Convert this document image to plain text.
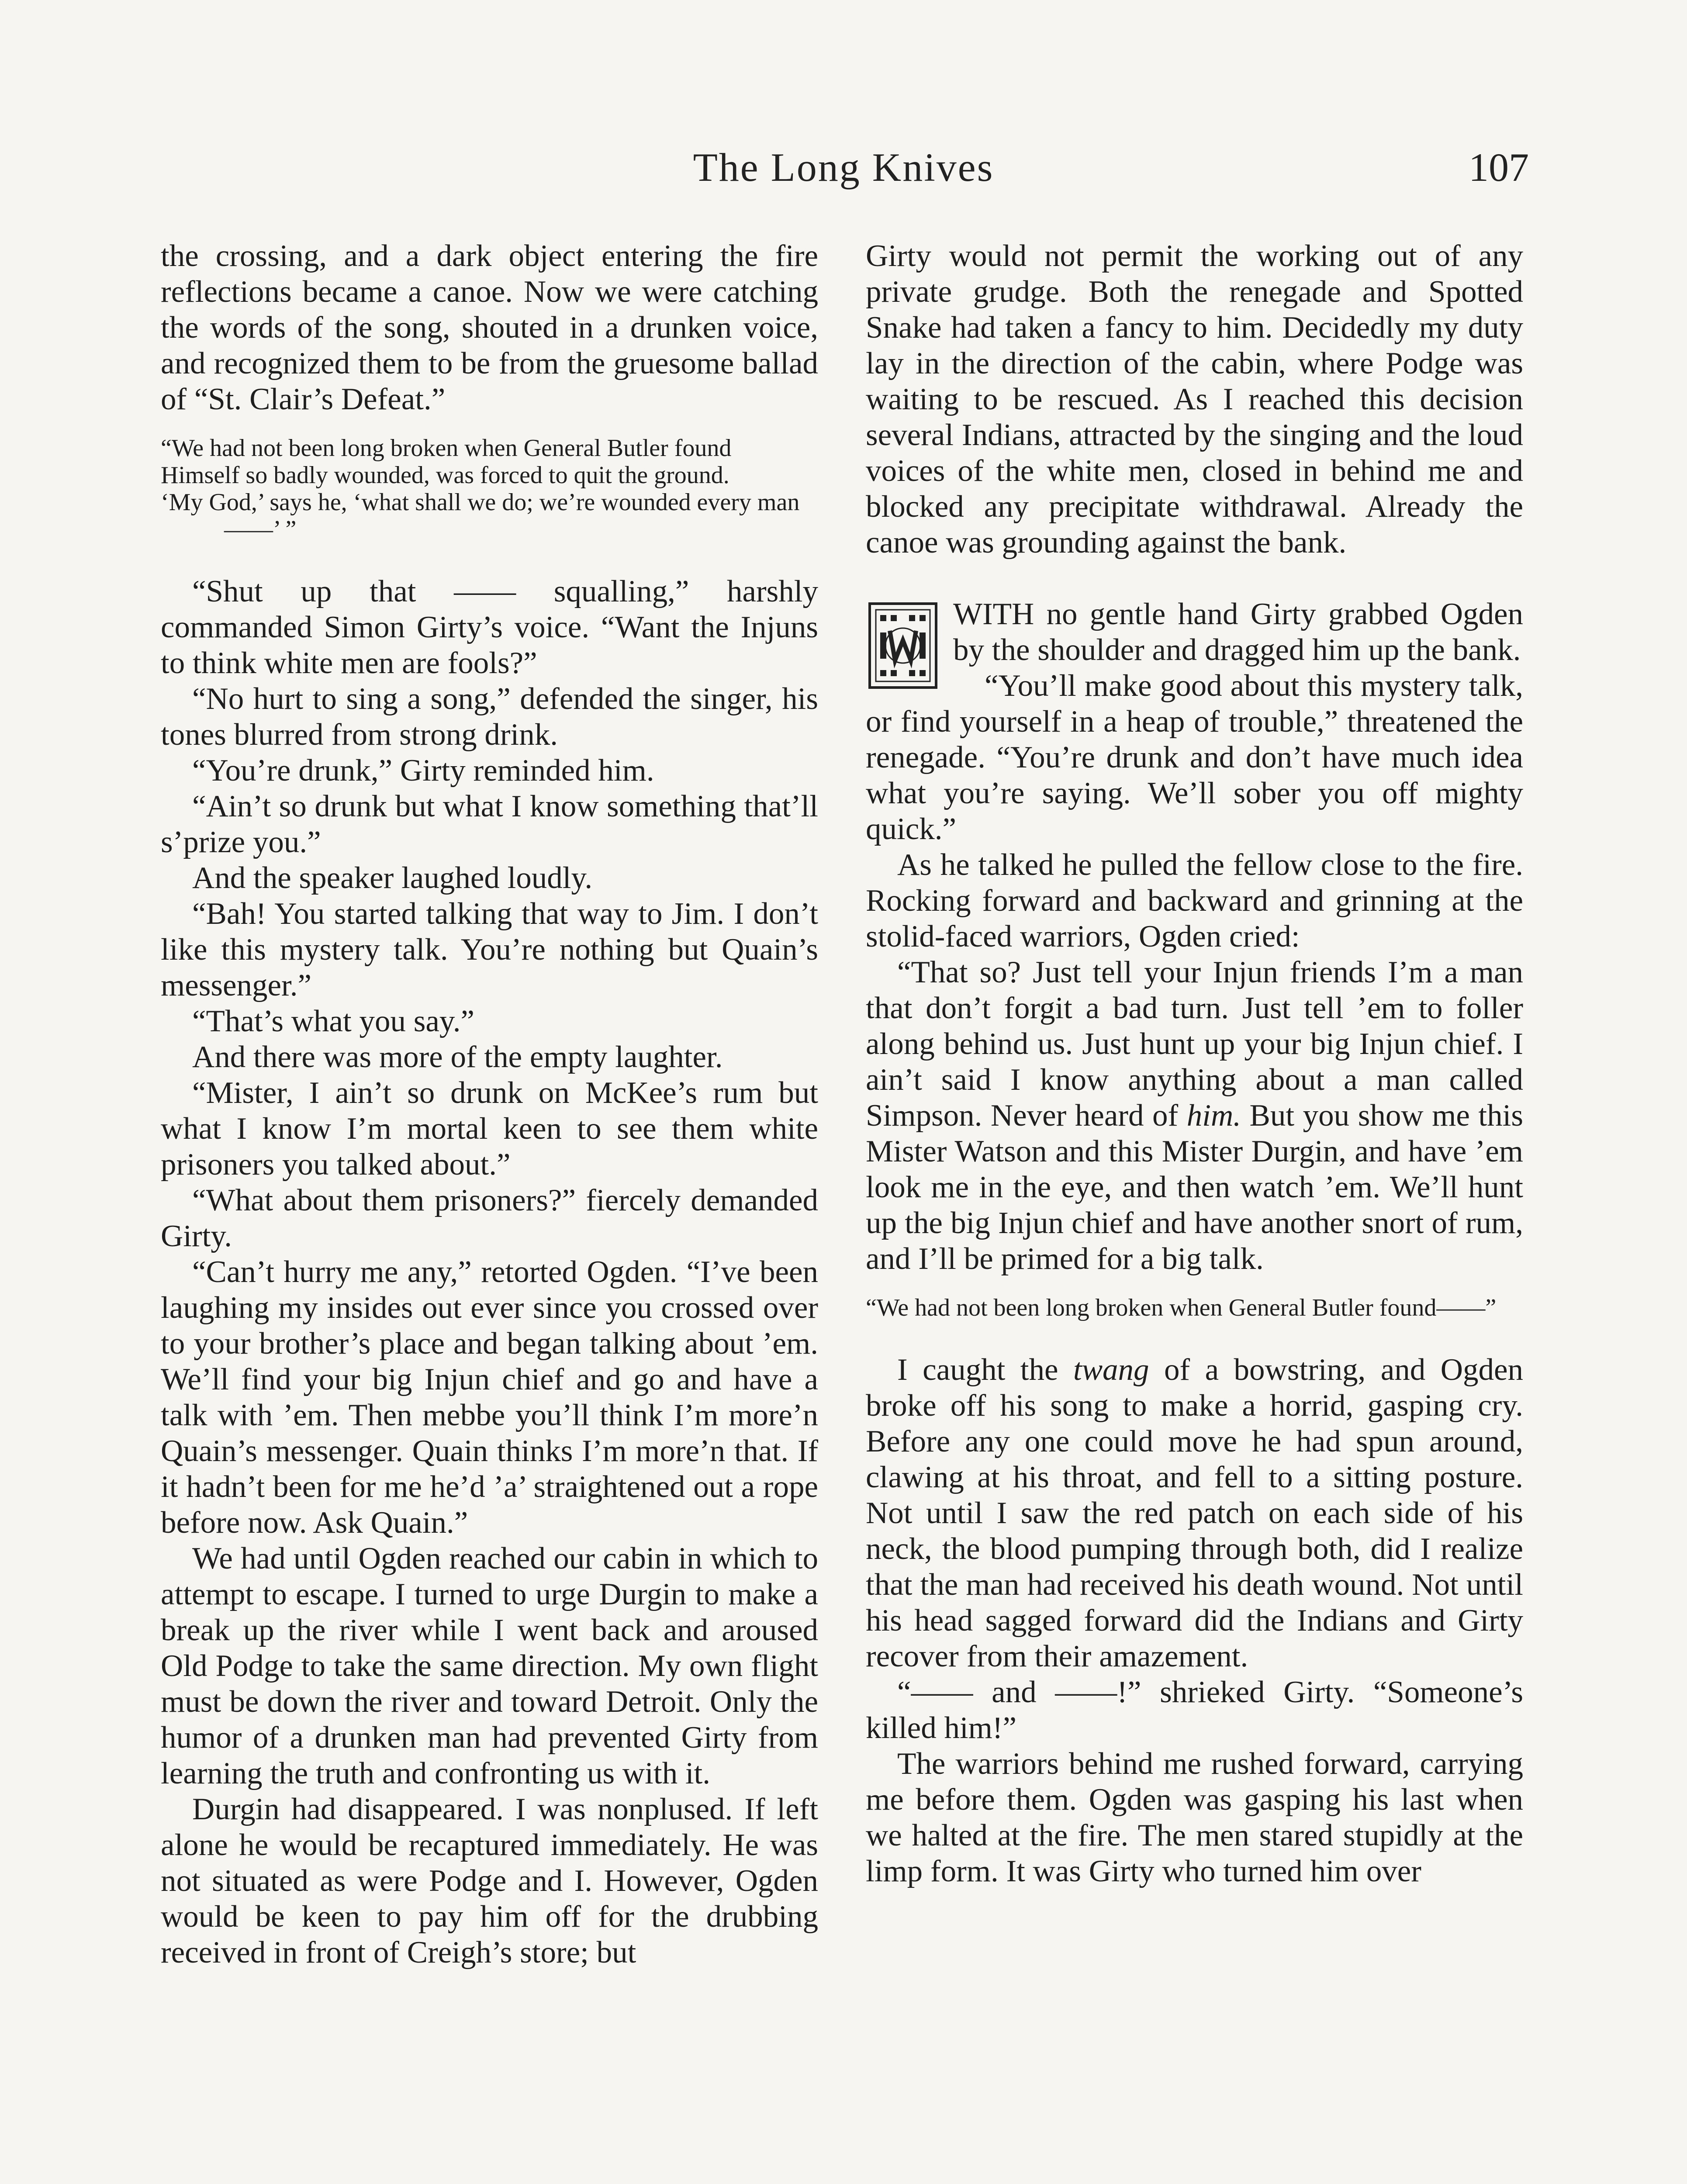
The Long Knives	107

the crossing, and a dark object entering the fire reflections became a canoe. Now we were catching the words of the song, shouted in a drunken voice, and recognized them to be from the gruesome ballad of “St. Clair’s Defeat.”

“We had not been long broken when General Butler found
Himself so badly wounded, was forced to quit the ground.
‘My God,’ says he, ‘what shall we do; we’re wounded every man——’ ”

“Shut up that —— squalling,” harshly commanded Simon Girty’s voice. “Want the Injuns to think white men are fools?”

“No hurt to sing a song,” defended the singer, his tones blurred from strong drink.

“You’re drunk,” Girty reminded him.

“Ain’t so drunk but what I know something that’ll s’prize you.”

And the speaker laughed loudly.

“Bah! You started talking that way to Jim. I don’t like this mystery talk. You’re nothing but Quain’s messenger.”

“That’s what you say.”

And there was more of the empty laughter.

“Mister, I ain’t so drunk on McKee’s rum but what I know I’m mortal keen to see them white prisoners you talked about.”

“What about them prisoners?” fiercely demanded Girty.

“Can’t hurry me any,” retorted Ogden. “I’ve been laughing my insides out ever since you crossed over to your brother’s place and began talking about ’em. We’ll find your big Injun chief and go and have a talk with ’em. Then mebbe you’ll think I’m more’n Quain’s messenger. Quain thinks I’m more’n that. If it hadn’t been for me he’d ’a’ straightened out a rope before now. Ask Quain.”

We had until Ogden reached our cabin in which to attempt to escape. I turned to urge Durgin to make a break up the river while I went back and aroused Old Podge to take the same direction. My own flight must be down the river and toward Detroit. Only the humor of a drunken man had prevented Girty from learning the truth and confronting us with it.

Durgin had disappeared. I was nonplused. If left alone he would be recaptured immediately. He was not situated as were Podge and I. However, Ogden would be keen to pay him off for the drubbing received in front of Creigh’s store; but

Girty would not permit the working out of any private grudge. Both the renegade and Spotted Snake had taken a fancy to him. Decidedly my duty lay in the direction of the cabin, where Podge was waiting to be rescued. As I reached this decision several Indians, attracted by the singing and the loud voices of the white men, closed in behind me and blocked any precipitate withdrawal. Already the canoe was grounding against the bank.

WITH no gentle hand Girty grabbed Ogden by the shoulder and dragged him up the bank.

“You’ll make good about this mystery talk, or find yourself in a heap of trouble,” threatened the renegade. “You’re drunk and don’t have much idea what you’re saying. We’ll sober you off mighty quick.”

As he talked he pulled the fellow close to the fire. Rocking forward and backward and grinning at the stolid-faced warriors, Ogden cried:

“That so? Just tell your Injun friends I’m a man that don’t forgit a bad turn. Just tell ’em to foller along behind us. Just hunt up your big Injun chief. I ain’t said I know anything about a man called Simpson. Never heard of him. But you show me this Mister Watson and this Mister Durgin, and have ’em look me in the eye, and then watch ’em. We’ll hunt up the big Injun chief and have another snort of rum, and I’ll be primed for a big talk.

“We had not been long broken when General Butler found——”

I caught the twang of a bowstring, and Ogden broke off his song to make a horrid, gasping cry. Before any one could move he had spun around, clawing at his throat, and fell to a sitting posture. Not until I saw the red patch on each side of his neck, the blood pumping through both, did I realize that the man had received his death wound. Not until his head sagged forward did the Indians and Girty recover from their amazement.

“—— and ——!” shrieked Girty. “Someone’s killed him!”

The warriors behind me rushed forward, carrying me before them. Ogden was gasping his last when we halted at the fire. The men stared stupidly at the limp form. It was Girty who turned him over
